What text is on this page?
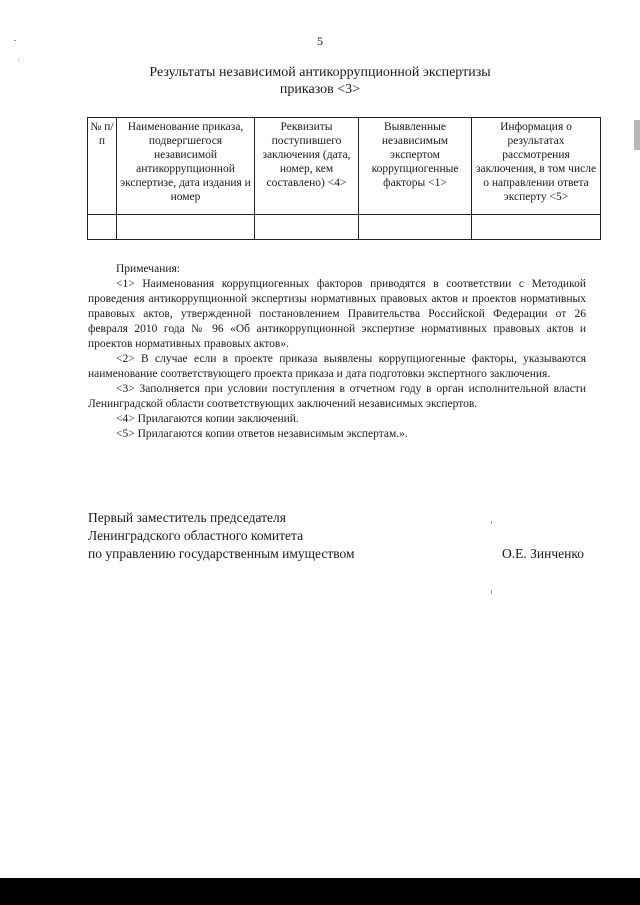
5
Результаты независимой антикоррупционной экспертизы
приказов <3>
№ п/п	Наименование приказа, подвергшегося независимой антикоррупционной экспертизе, дата издания и номер	Реквизиты поступившего заключения (дата, номер, кем составлено) <4>	Выявленные независимым экспертом коррупциогенные факторы <1>	Информация о результатах рассмотрения заключения, в том числе о направлении ответа эксперту <5>

Примечания:

<1> Наименования коррупциогенных факторов приводятся в соответствии с Методикой проведения антикоррупционной экспертизы нормативных правовых актов и проектов нормативных правовых актов, утвержденной постановлением Правительства Российской Федерации от 26 февраля 2010 года № 96 «Об антикоррупционной экспертизе нормативных правовых актов и проектов нормативных правовых актов».

<2> В случае если в проекте приказа выявлены коррупциогенные факторы, указываются наименование соответствующего проекта приказа и дата подготовки экспертного заключения.

<3> Заполняется при условии поступления в отчетном году в орган исполнительной власти Ленинградской области соответствующих заключений независимых экспертов.

<4> Прилагаются копии заключений.

<5> Прилагаются копии ответов независимым экспертам.».

Первый заместитель председателя
Ленинградского областного комитета
по управлению государственным имуществом	О.Е. Зинченко
